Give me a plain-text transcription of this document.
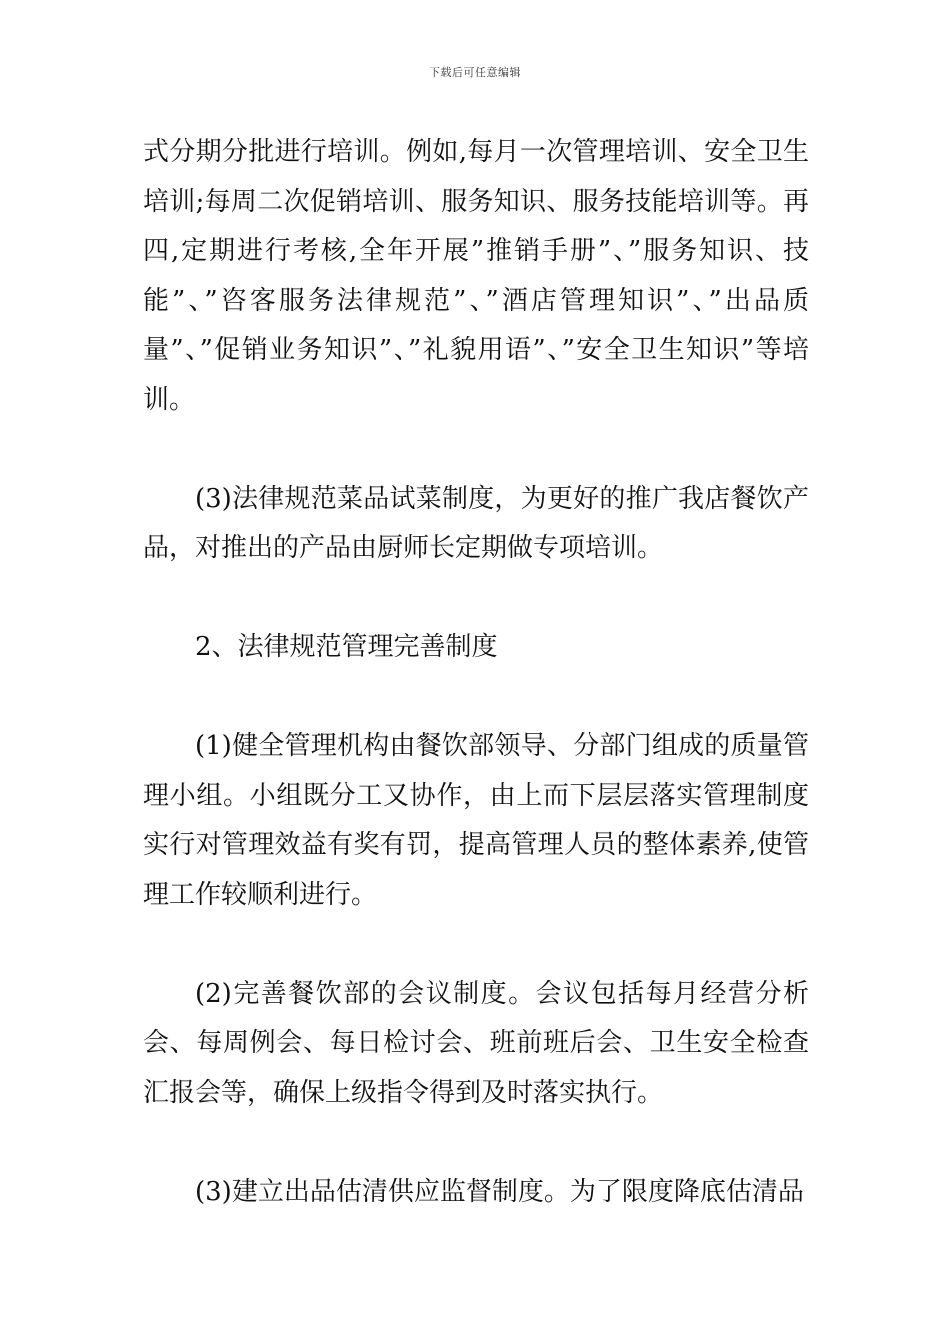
下载后可任意编辑

式分期分批进行培训。例如,每月一次管理培训、安全卫生培训;每周二次促销培训、服务知识、服务技能培训等。再四,定期进行考核,全年开展”推销手册”、”服务知识、技能”、”咨客服务法律规范”、”酒店管理知识”、”出品质量”、”促销业务知识”、”礼貌用语”、”安全卫生知识”等培训。

(3)法律规范菜品试菜制度，为更好的推广我店餐饮产品，对推出的产品由厨师长定期做专项培训。

2、法律规范管理完善制度

(1)健全管理机构由餐饮部领导、分部门组成的质量管理小组。小组既分工又协作，由上而下层层落实管理制度实行对管理效益有奖有罚，提高管理人员的整体素养,使管理工作较顺利进行。

(2)完善餐饮部的会议制度。会议包括每月经营分析会、每周例会、每日检讨会、班前班后会、卫生安全检查汇报会等，确保上级指令得到及时落实执行。

(3)建立出品估清供应监督制度。为了限度降底估清品
